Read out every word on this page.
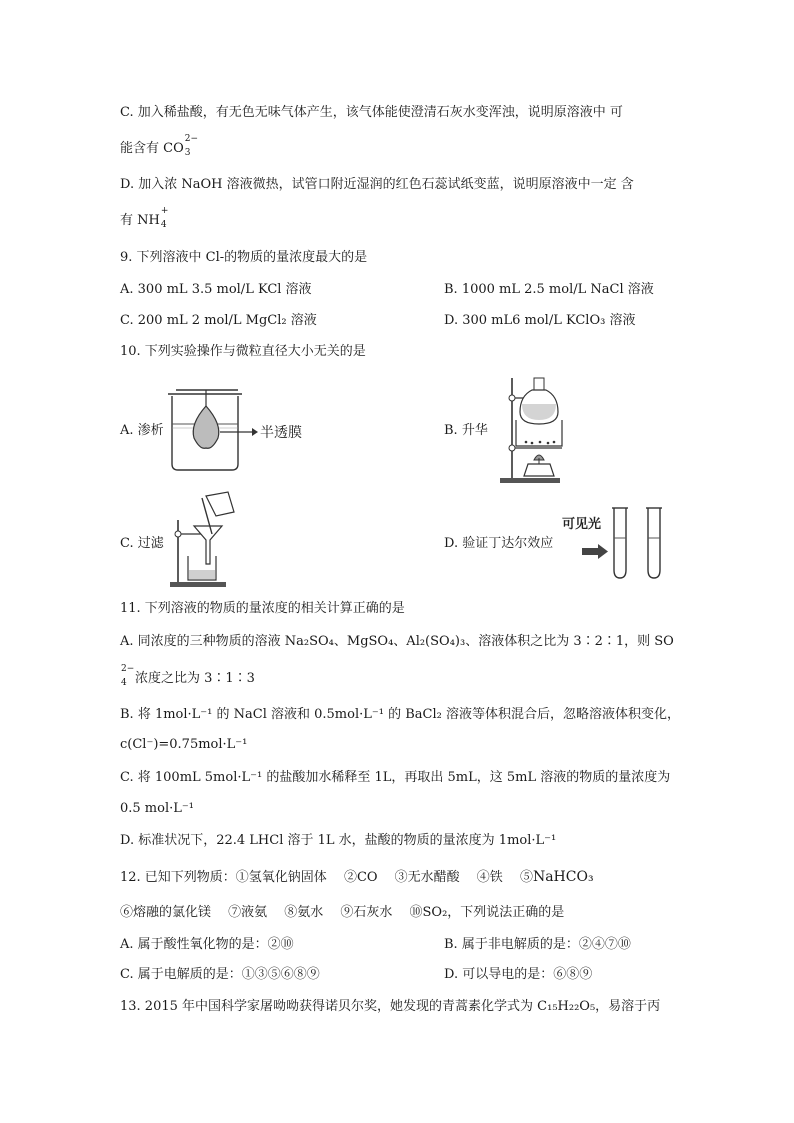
C. 加入稀盐酸，有无色无味气体产生，该气体能使澄清石灰水变浑浊，说明原溶液中 可
能含有 CO
2−
3
D. 加入浓 NaOH 溶液微热，试管口附近湿润的红色石蕊试纸变蓝，说明原溶液中一定 含
有 NH
+
4
9. 下列溶液中 Cl-的物质的量浓度最大的是
A. 300 mL 3.5 mol/L KCl 溶液	B. 1000 mL 2.5 mol/L NaCl 溶液
C. 200 mL 2 mol/L MgCl₂ 溶液	D. 300 mL6 mol/L KClO₃ 溶液
10. 下列实验操作与微粒直径大小无关的是
A. 渗析	半透膜	B. 升华
C. 过滤	D. 验证丁达尔效应
可见光
11. 下列溶液的物质的量浓度的相关计算正确的是
A. 同浓度的三种物质的溶液 Na₂SO₄、MgSO₄、Al₂(SO₄)₃、溶液体积之比为 3∶2∶1，则 SO
2−
4 浓度之比为 3∶1∶3
B. 将 1mol·L⁻¹ 的 NaCl 溶液和 0.5mol·L⁻¹ 的 BaCl₂ 溶液等体积混合后，忽略溶液体积变化，
c(Cl⁻)=0.75mol·L⁻¹
C. 将 100mL 5mol·L⁻¹ 的盐酸加水稀释至 1L，再取出 5mL，这 5mL 溶液的物质的量浓度为
0.5 mol·L⁻¹
D. 标准状况下，22.4 LHCl 溶于 1L 水，盐酸的物质的量浓度为 1mol·L⁻¹
12. 已知下列物质：①氢氧化钠固体　 ②CO　 ③无水醋酸　 ④铁　 ⑤NaHCO₃
⑥熔融的氯化镁　 ⑦液氨　 ⑧氨水　 ⑨石灰水　 ⑩SO₂，下列说法正确的是
A. 属于酸性氧化物的是：②⑩	B. 属于非电解质的是：②④⑦⑩
C. 属于电解质的是：①③⑤⑥⑧⑨	D. 可以导电的是：⑥⑧⑨
13. 2015 年中国科学家屠呦呦获得诺贝尔奖，她发现的青蒿素化学式为 C₁₅H₂₂O₅，易溶于丙
